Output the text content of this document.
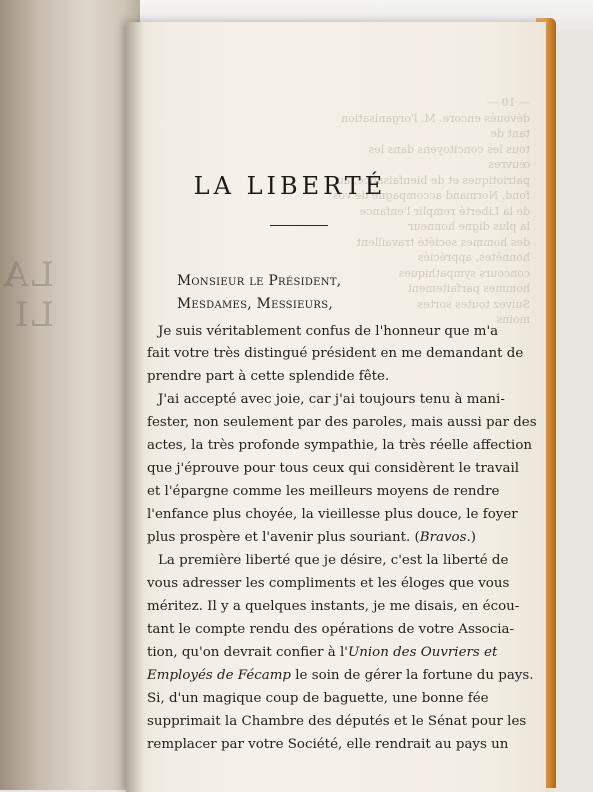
LA LI
— 10 —
dévoués encore. M. l'organisation tant de
tous les concitoyens dans les œuvres
patriotiques et de bienfaisance, au
fond, Normand accompagné de vos
de la Liberté remplir l'enfance
la plus digne honneur
des hommes société travaillent
honnêtes, appréciés
concours sympathiques
hommes parfaitement
Suivez toutes sortes
moins
LA LIBERTÉ
Monsieur le Président,
Mesdames, Messieurs,
Je suis véritablement confus de l'honneur que m'a
fait votre très distingué président en me demandant de
prendre part à cette splendide fête.
J'ai accepté avec joie, car j'ai toujours tenu à mani-
fester, non seulement par des paroles, mais aussi par des
actes, la très profonde sympathie, la très réelle affection
que j'éprouve pour tous ceux qui considèrent le travail
et l'épargne comme les meilleurs moyens de rendre
l'enfance plus choyée, la vieillesse plus douce, le foyer
plus prospère et l'avenir plus souriant. (Bravos.)
La première liberté que je désire, c'est la liberté de
vous adresser les compliments et les éloges que vous
méritez. Il y a quelques instants, je me disais, en écou-
tant le compte rendu des opérations de votre Associa-
tion, qu'on devrait confier à l'Union des Ouvriers et
Employés de Fécamp le soin de gérer la fortune du pays.
Si, d'un magique coup de baguette, une bonne fée
supprimait la Chambre des députés et le Sénat pour les
remplacer par votre Société, elle rendrait au pays un
